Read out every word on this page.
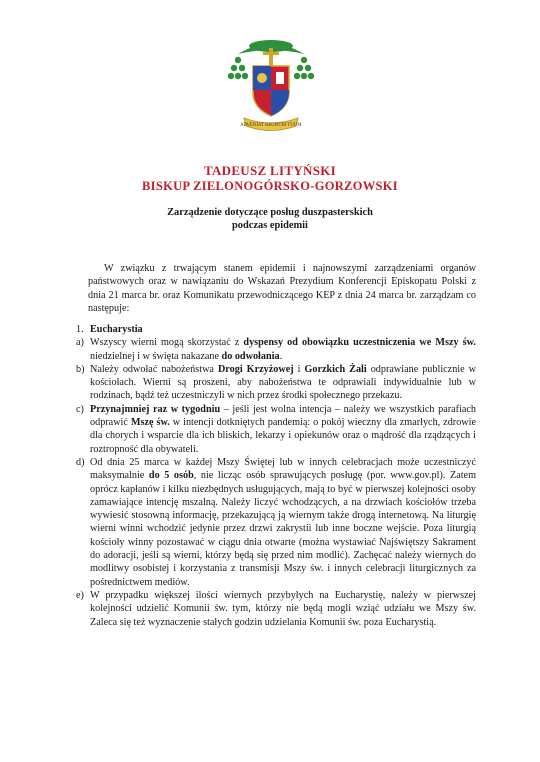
ADVENIAT REGNUM TUUM
TADEUSZ LITYŃSKI
BISKUP ZIELONOGÓRSKO-GORZOWSKI
Zarządzenie dotyczące posług duszpasterskich
podczas epidemii

W związku z trwającym stanem epidemii i najnowszymi zarządzeniami organów państwowych oraz w nawiązaniu do Wskazań Prezydium Konferencji Episkopatu Polski z dnia 21 marca br. oraz Komunikatu przewodniczącego KEP z dnia 24 marca br. zarządzam co następuje:

1. Eucharystia
a) Wszyscy wierni mogą skorzystać z dyspensy od obowiązku uczestniczenia we Mszy św. niedzielnej i w święta nakazane do odwołania.
b) Należy odwołać nabożeństwa Drogi Krzyżowej i Gorzkich Żali odprawiane publicznie w kościołach. Wierni są proszeni, aby nabożeństwa te odprawiali indywidualnie lub w rodzinach, bądź też uczestniczyli w nich przez środki społecznego przekazu.
c) Przynajmniej raz w tygodniu – jeśli jest wolna intencja – należy we wszystkich parafiach odprawić Mszę św. w intencji dotkniętych pandemią: o pokój wieczny dla zmarłych, zdrowie dla chorych i wsparcie dla ich bliskich, lekarzy i opiekunów oraz o mądrość dla rządzących i roztropność dla obywateli.
d) Od dnia 25 marca w każdej Mszy Świętej lub w innych celebracjach może uczestniczyć maksymalnie do 5 osób, nie licząc osób sprawujących posługę (por. www.gov.pl). Zatem oprócz kapłanów i kilku niezbędnych usługujących, mają to być w pierwszej kolejności osoby zamawiające intencję mszalną. Należy liczyć wchodzących, a na drzwiach kościołów trzeba wywiesić stosowną informację, przekazującą ją wiernym także drogą internetową. Na liturgię wierni winni wchodzić jedynie przez drzwi zakrystii lub inne boczne wejście. Poza liturgią kościoły winny pozostawać w ciągu dnia otwarte (można wystawiać Najświętszy Sakrament do adoracji, jeśli są wierni, którzy będą się przed nim modlić). Zachęcać należy wiernych do modlitwy osobistej i korzystania z transmisji Mszy św. i innych celebracji liturgicznych za pośrednictwem mediów.
e) W przypadku większej ilości wiernych przybyłych na Eucharystię, należy w pierwszej kolejności udzielić Komunii św. tym, którzy nie będą mogli wziąć udziału we Mszy św. Zaleca się też wyznaczenie stałych godzin udzielania Komunii św. poza Eucharystią.
